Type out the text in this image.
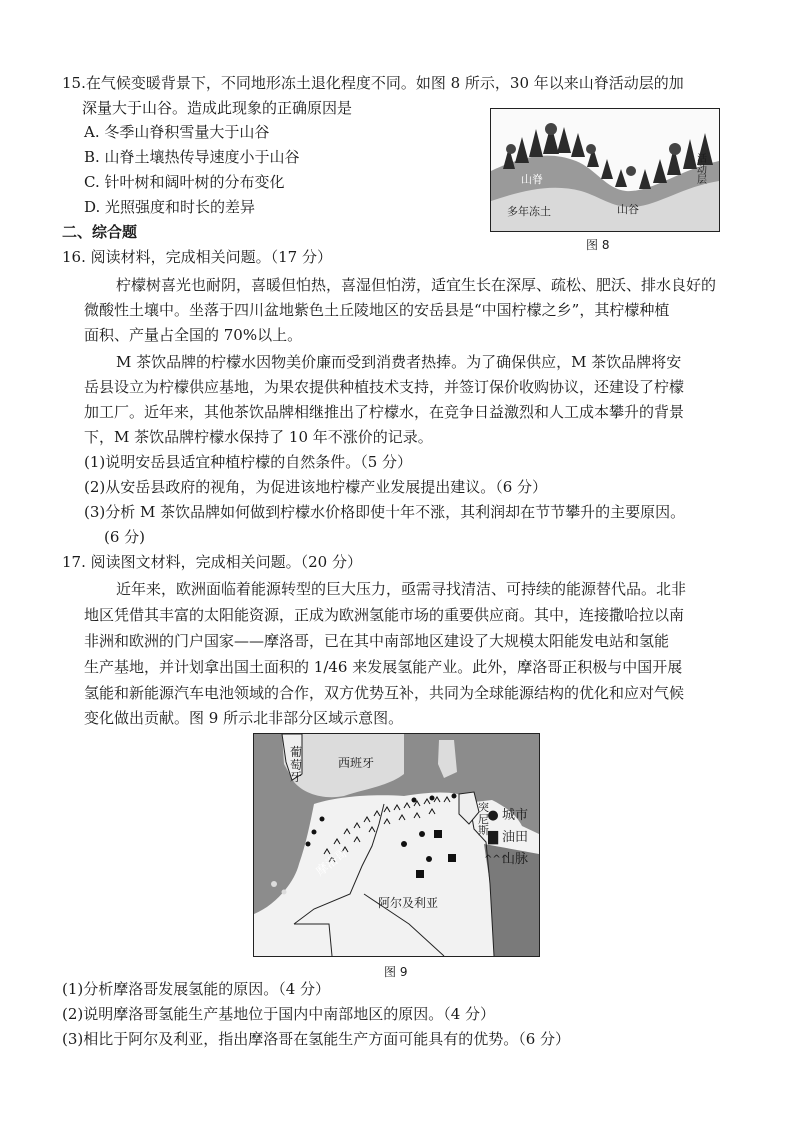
15.在气候变暖背景下，不同地形冻土退化程度不同。如图 8 所示，30 年以来山脊活动层的加
深量大于山谷。造成此现象的正确原因是
A. 冬季山脊积雪量大于山谷
B. 山脊土壤热传导速度小于山谷
C. 针叶树和阔叶树的分布变化
D. 光照强度和时长的差异
山脊
山谷
多年冻土
活动层
图 8
二、综合题
16. 阅读材料，完成相关问题。（17 分）
柠檬树喜光也耐阴，喜暖但怕热，喜湿但怕涝，适宜生长在深厚、疏松、肥沃、排水良好的
微酸性土壤中。坐落于四川盆地紫色土丘陵地区的安岳县是“中国柠檬之乡”，其柠檬种植
面积、产量占全国的 70%以上。
M 茶饮品牌的柠檬水因物美价廉而受到消费者热捧。为了确保供应，M 茶饮品牌将安
岳县设立为柠檬供应基地，为果农提供种植技术支持，并签订保价收购协议，还建设了柠檬
加工厂。近年来，其他茶饮品牌相继推出了柠檬水，在竞争日益激烈和人工成本攀升的背景
下，M 茶饮品牌柠檬水保持了 10 年不涨价的记录。
(1)说明安岳县适宜种植柠檬的自然条件。（5 分）
(2)从安岳县政府的视角，为促进该地柠檬产业发展提出建议。（6 分）
(3)分析 M 茶饮品牌如何做到柠檬水价格即使十年不涨，其利润却在节节攀升的主要原因。
(6 分)
17. 阅读图文材料，完成相关问题。（20 分）
近年来，欧洲面临着能源转型的巨大压力，亟需寻找清洁、可持续的能源替代品。北非
地区凭借其丰富的太阳能资源，正成为欧洲氢能市场的重要供应商。其中，连接撒哈拉以南
非洲和欧洲的门户国家——摩洛哥，已在其中南部地区建设了大规模太阳能发电站和氢能
生产基地，并计划拿出国土面积的 1/46 来发展氢能产业。此外，摩洛哥正积极与中国开展
氢能和新能源汽车电池领域的合作，双方优势互补，共同为全球能源结构的优化和应对气候
变化做出贡献。图 9 所示北非部分区域示意图。
葡萄牙
西班牙
突尼斯
摩洛哥
阿尔及利亚
● 城市
▇ 油田
^^^
山脉
图 9
(1)分析摩洛哥发展氢能的原因。（4 分）
(2)说明摩洛哥氢能生产基地位于国内中南部地区的原因。（4 分）
(3)相比于阿尔及利亚，指出摩洛哥在氢能生产方面可能具有的优势。（6 分）
